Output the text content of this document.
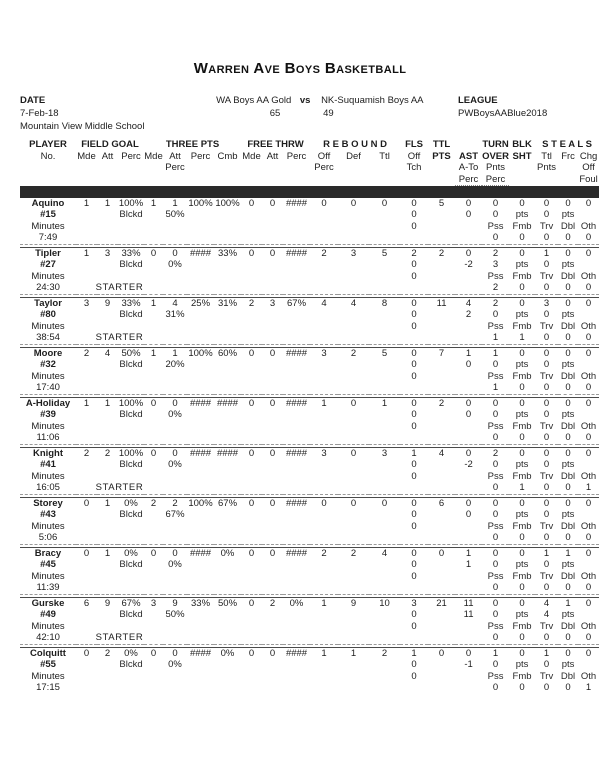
Warren Ave Boys Basketball
DATE
7-Feb-18
Mountain View Middle School
WA Boys AA Gold
65
vs	NK-Suquamish Boys AA
49
LEAGUE
PWBoysAABlue2018
PLAYER	FIELD GOAL			THREE PTS				FREE THRW			R E B O U N D			FLS	TTL		TURN	BLK	S T E A L S		
No.	Mde	Att	Perc	Mde	Att	Perc	Cmb	Mde	Att	Perc	Off	Def	Ttl	Off	PTS	AST	OVER	SHT	Ttl	Frc	Chg
					Perc						Perc			Tch		A-To	Pnts		Pnts		Off
																Perc	Perc				Foul

Aquino	1	1	100%	1	1	100%	100%	0	0	####	0	0	0	0	5	0	0	0	0	0	0
#15			Blckd		50%									0		0	0	pts	0	pts	
Minutes														0			Pss	Fmb	Trv	Dbl	Oth
7:49																	0	0	0	0	0

Tipler	1	3	33%	0	0	####	33%	0	0	####	2	3	5	2	2	0	2	0	1	0	0
#27			Blckd		0%									0		-2	3	pts	0	pts	
Minutes														0			Pss	Fmb	Trv	Dbl	Oth
24:30	STARTER																2	0	0	0	0

Taylor	3	9	33%	1	4	25%	31%	2	3	67%	4	4	8	0	11	4	2	0	3	0	0
#80			Blckd		31%									0		2	0	pts	0	pts	
Minutes														0			Pss	Fmb	Trv	Dbl	Oth
38:54	STARTER																1	1	0	0	0

Moore	2	4	50%	1	1	100%	60%	0	0	####	3	2	5	0	7	1	1	0	0	0	0
#32			Blckd		20%									0		0	0	pts	0	pts	
Minutes														0			Pss	Fmb	Trv	Dbl	Oth
17:40																	1	0	0	0	0

A-Holiday	1	1	100%	0	0	####	####	0	0	####	1	0	1	0	2	0	0	0	0	0	0
#39			Blckd		0%									0		0	0	pts	0	pts	
Minutes														0			Pss	Fmb	Trv	Dbl	Oth
11:06																	0	0	0	0	0

Knight	2	2	100%	0	0	####	####	0	0	####	3	0	3	1	4	0	2	0	0	0	0
#41			Blckd		0%									0		-2	0	pts	0	pts	
Minutes														0			Pss	Fmb	Trv	Dbl	Oth
16:05	STARTER																0	1	0	0	1

Storey	0	1	0%	2	2	100%	67%	0	0	####	0	0	0	0	6	0	0	0	0	0	0
#43			Blckd		67%									0		0	0	pts	0	pts	
Minutes														0			Pss	Fmb	Trv	Dbl	Oth
5:06																	0	0	0	0	0

Bracy	0	1	0%	0	0	####	0%	0	0	####	2	2	4	0	0	1	0	0	1	1	0
#45			Blckd		0%									0		1	0	pts	0	pts	
Minutes														0			Pss	Fmb	Trv	Dbl	Oth
11:39																	0	0	0	0	0

Gurske	6	9	67%	3	9	33%	50%	0	2	0%	1	9	10	3	21	11	0	0	4	1	0
#49			Blckd		50%									0		11	0	pts	4	pts	
Minutes														0			Pss	Fmb	Trv	Dbl	Oth
42:10	STARTER																0	0	0	0	0

Colquitt	0	2	0%	0	0	####	0%	0	0	####	1	1	2	1	0	0	1	0	1	0	0
#55			Blckd		0%									0		-1	0	pts	0	pts	
Minutes														0			Pss	Fmb	Trv	Dbl	Oth
17:15																	0	0	0	0	1
